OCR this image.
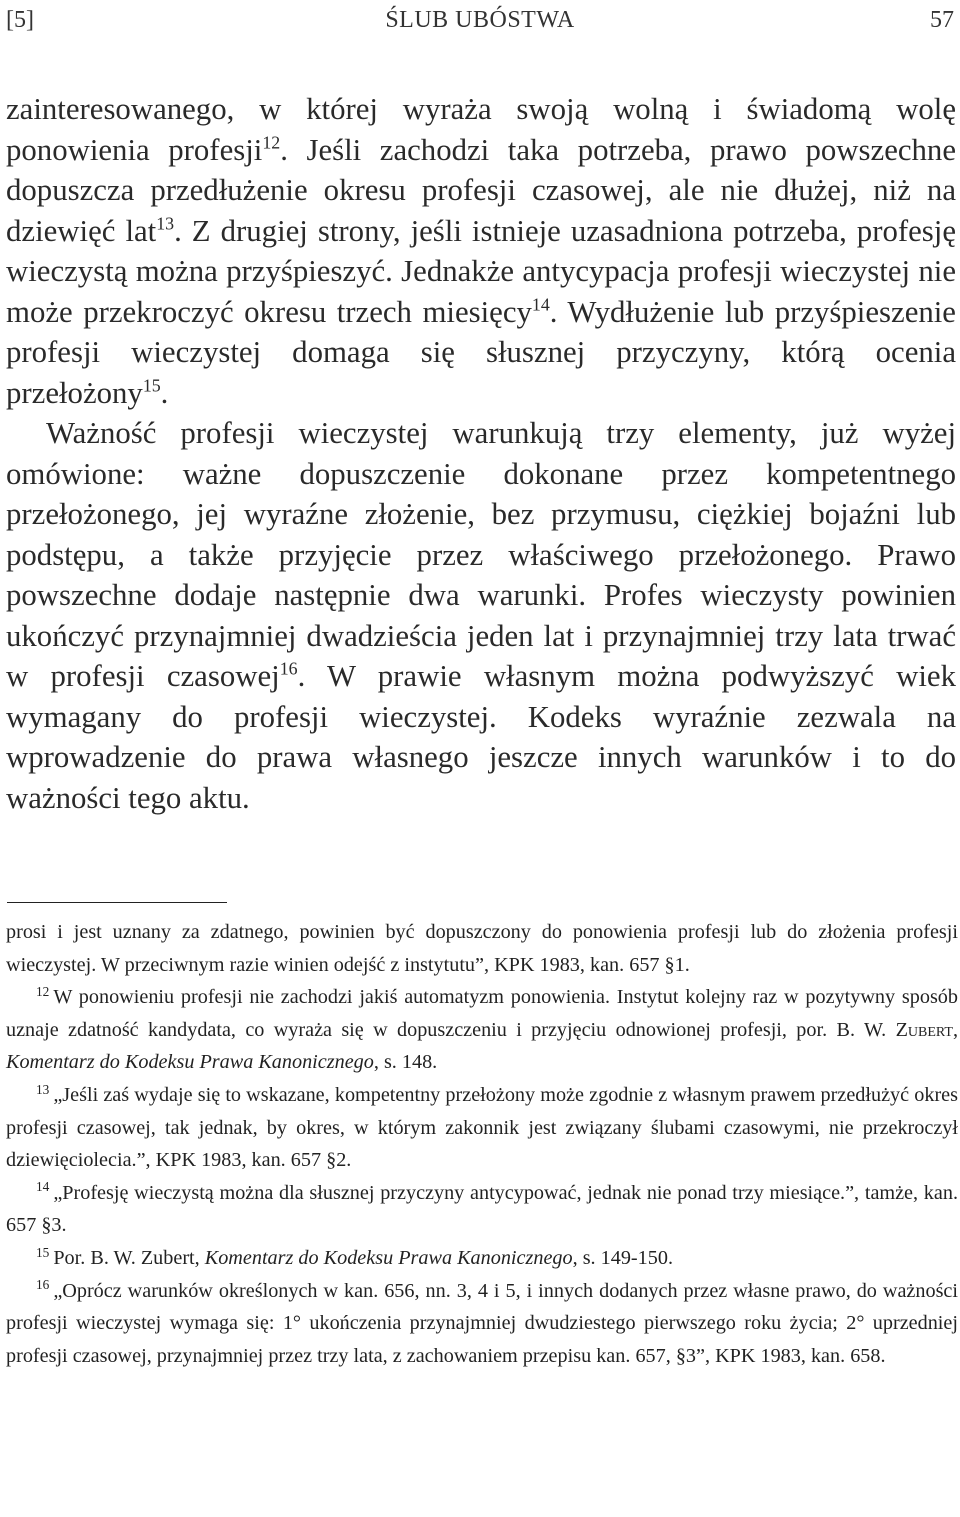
[5]	ŚLUB UBÓSTWA	57

zainteresowanego, w której wyraża swoją wolną i świadomą wolę ponowienia profesji$^{12}$. Jeśli zachodzi taka potrzeba, prawo powszechne dopuszcza przedłużenie okresu profesji czasowej, ale nie dłużej, niż na dziewięć lat$^{13}$. Z drugiej strony, jeśli istnieje uzasadniona potrzeba, profesję wieczystą można przyśpieszyć. Jednakże antycypacja profesji wieczystej nie może przekroczyć okresu trzech miesięcy$^{14}$. Wydłużenie lub przyśpieszenie profesji wieczystej domaga się słusznej przyczyny, którą ocenia przełożony$^{15}$.

Ważność profesji wieczystej warunkują trzy elementy, już wyżej omówione: ważne dopuszczenie dokonane przez kompetentnego przełożonego, jej wyraźne złożenie, bez przymusu, ciężkiej bojaźni lub podstępu, a także przyjęcie przez właściwego przełożonego. Prawo powszechne dodaje następnie dwa warunki. Profes wieczysty powinien ukończyć przynajmniej dwadzieścia jeden lat i przynajmniej trzy lata trwać w profesji czasowej$^{16}$. W prawie własnym można podwyższyć wiek wymagany do profesji wieczystej. Kodeks wyraźnie zezwala na wprowadzenie do prawa własnego jeszcze innych warunków i to do ważności tego aktu.

prosi i jest uznany za zdatnego, powinien być dopuszczony do ponowienia profesji lub do złożenia profesji wieczystej. W przeciwnym razie winien odejść z instytutu”, KPK 1983, kan. 657 §1.

$^{12}$ W ponowieniu profesji nie zachodzi jakiś automatyzm ponowienia. Instytut kolejny raz w pozytywny sposób uznaje zdatność kandydata, co wyraża się w dopuszczeniu i przyjęciu odnowionej profesji, por. B. W. Zubert, Komentarz do Kodeksu Prawa Kanonicznego, s. 148.

$^{13}$ „Jeśli zaś wydaje się to wskazane, kompetentny przełożony może zgodnie z własnym prawem przedłużyć okres profesji czasowej, tak jednak, by okres, w którym zakonnik jest związany ślubami czasowymi, nie przekroczył dziewięciolecia.”, KPK 1983, kan. 657 §2.

$^{14}$ „Profesję wieczystą można dla słusznej przyczyny antycypować, jednak nie ponad trzy miesiące.”, tamże, kan. 657 §3.

$^{15}$ Por. B. W. Zubert, Komentarz do Kodeksu Prawa Kanonicznego, s. 149-150.

$^{16}$ „Oprócz warunków określonych w kan. 656, nn. 3, 4 i 5, i innych dodanych przez własne prawo, do ważności profesji wieczystej wymaga się: 1° ukończenia przynajmniej dwudziestego pierwszego roku życia; 2° uprzedniej profesji czasowej, przynajmniej przez trzy lata, z zachowaniem przepisu kan. 657, §3”, KPK 1983, kan. 658.
